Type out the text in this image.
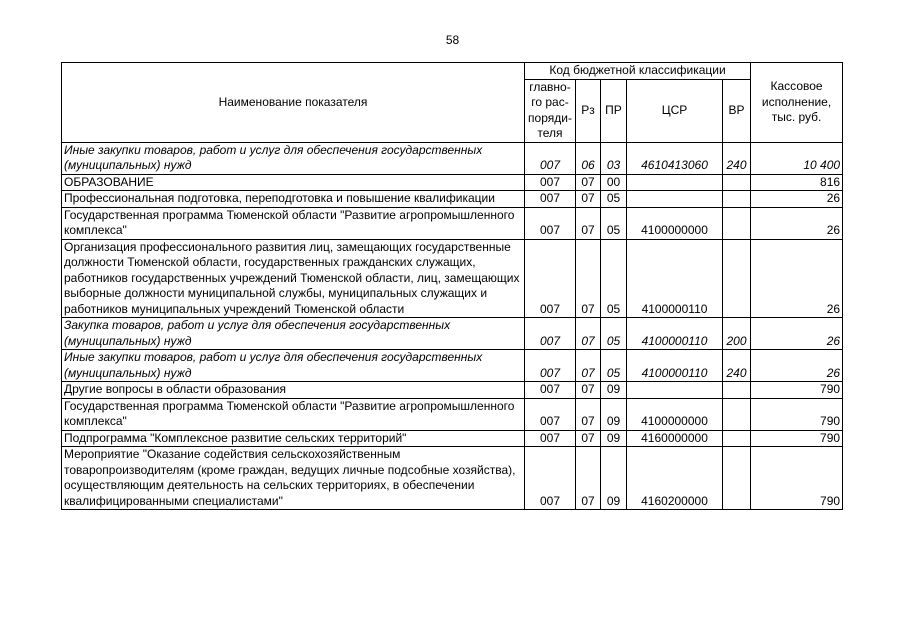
58
Наименование показателя	Код бюджетной классификации					Кассовое исполнение, тыс. руб.
	главно-го рас-поряди-теля	Рз	ПР	ЦСР	ВР	
Иные закупки товаров, работ и услуг для обеспечения государственных (муниципальных) нужд	007	06	03	4610413060	240	10 400
ОБРАЗОВАНИЕ	007	07	00			816
Профессиональная подготовка, переподготовка и повышение квалификации	007	07	05			26
Государственная программа Тюменской области "Развитие агропромышленного комплекса"	007	07	05	4100000000		26
Организация профессионального развития лиц, замещающих государственные должности Тюменской области, государственных гражданских служащих, работников государственных учреждений Тюменской области, лиц, замещающих выборные должности муниципальной службы, муниципальных служащих и работников муниципальных учреждений Тюменской области	007	07	05	4100000110		26
Закупка товаров, работ и услуг для обеспечения государственных (муниципальных) нужд	007	07	05	4100000110	200	26
Иные закупки товаров, работ и услуг для обеспечения государственных (муниципальных) нужд	007	07	05	4100000110	240	26
Другие вопросы в области образования	007	07	09			790
Государственная программа Тюменской области "Развитие агропромышленного комплекса"	007	07	09	4100000000		790
Подпрограмма "Комплексное развитие сельских территорий"	007	07	09	4160000000		790
Мероприятие "Оказание содействия сельскохозяйственным товаропроизводителям (кроме граждан, ведущих личные подсобные хозяйства), осуществляющим деятельность на сельских территориях, в обеспечении квалифицированными специалистами"	007	07	09	4160200000		790
